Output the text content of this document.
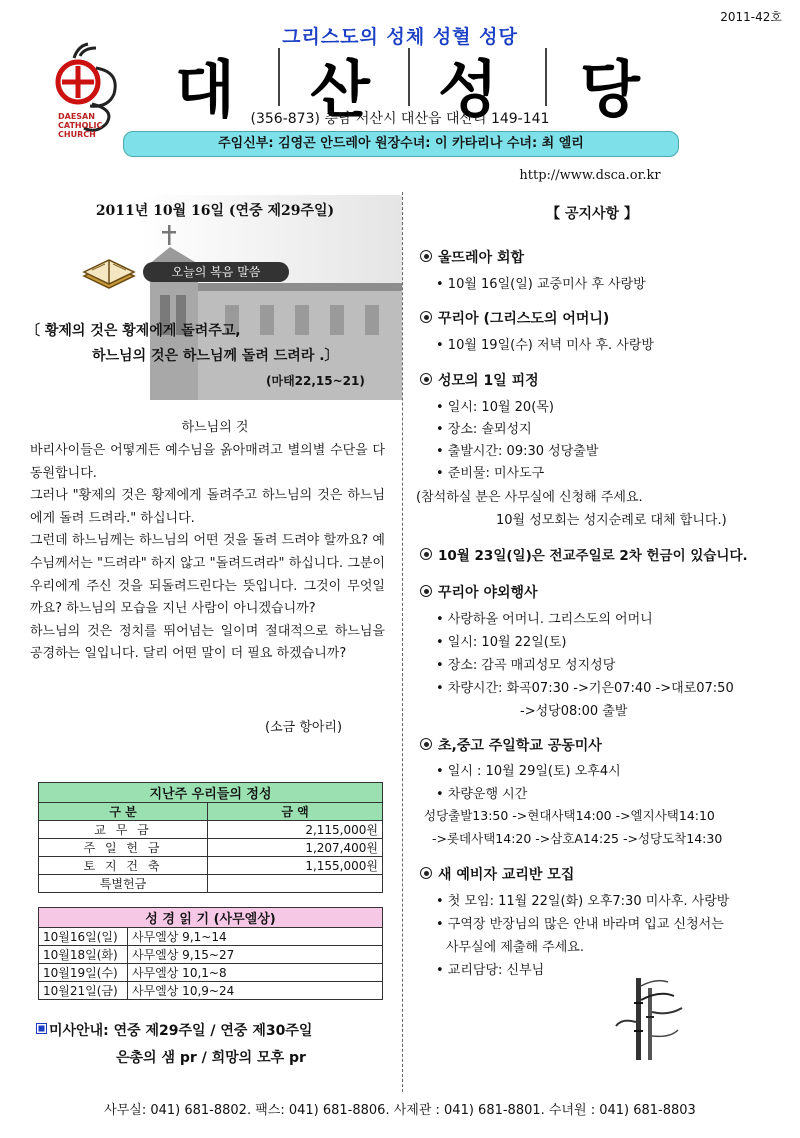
2011-42호
그리스도의 성체 성혈 성당
DAESAN
CATHOLIC
CHURCH
대 산 성 당
(356-873) 충남 서산시 대산읍 대산리 149-141
주임신부: 김영곤 안드레아 원장수녀: 이 카타리나 수녀: 최 엘리
http://www.dsca.or.kr
2011년 10월 16일 (연중 제29주일)
오늘의 복음 말씀
〔 황제의 것은 황제에게 돌려주고,
하느님의 것은 하느님께 돌려 드려라 .〕
(마태22,15~21)
하느님의 것

바리사이들은 어떻게든 예수님을 옭아매려고 별의별 수단을 다 동원합니다.

그러나 "황제의 것은 황제에게 돌려주고 하느님의 것은 하느님에게 돌려 드려라." 하십니다.

그런데 하느님께는 하느님의 어떤 것을 돌려 드려야 할까요? 예수님께서는 "드려라" 하지 않고 "돌려드려라" 하십니다. 그분이 우리에게 주신 것을 되돌려드린다는 뜻입니다. 그것이 무엇일까요? 하느님의 모습을 지닌 사람이 아니겠습니까?

하느님의 것은 정치를 뛰어넘는 일이며 절대적으로 하느님을 공경하는 일입니다. 달리 어떤 말이 더 필요 하겠습니까?

(소금 항아리)
지난주 우리들의 정성	
구 분	금 액
교 무 금	2,115,000원
주 일 헌 금	1,207,400원
토 지 건 축	1,155,000원
특별헌금	
성 경 읽 기 (사무엘상)	
10월16일(일)	사무엘상 9,1~14
10월18일(화)	사무엘상 9,15~27
10월19일(수)	사무엘상 10,1~8
10월21일(금)	사무엘상 10,9~24
미사안내: 연중 제29주일 / 연중 제30주일
은총의 샘 pr / 희망의 모후 pr
【 공지사항 】
울뜨레아 회합
• 10월 16일(일) 교중미사 후 사랑방
꾸리아 (그리스도의 어머니)
• 10월 19일(수) 저녁 미사 후. 사랑방
성모의 1일 피정
• 일시: 10월 20(목)
• 장소: 솔뫼성지
• 출발시간: 09:30 성당출발
• 준비물: 미사도구
(참석하실 분은 사무실에 신청해 주세요.
10월 성모회는 성지순례로 대체 합니다.)
10월 23일(일)은 전교주일로 2차 헌금이 있습니다.
꾸리아 야외행사
• 사랑하올 어머니. 그리스도의 어머니
• 일시: 10월 22일(토)
• 장소: 감곡 매괴성모 성지성당
• 차량시간: 화곡07:30 ->기은07:40 ->대로07:50
->성당08:00 출발
초,중고 주일학교 공동미사
• 일시 : 10월 29일(토) 오후4시
• 차량운행 시간
성당출발13:50 ->현대사택14:00 ->엘지사택14:10
->롯데사택14:20 ->삼호A14:25 ->성당도착14:30
새 예비자 교리반 모집
• 첫 모임: 11월 22일(화) 오후7:30 미사후. 사랑방
• 구역장 반장님의 많은 안내 바라며 입교 신청서는
사무실에 제출해 주세요.
• 교리담당: 신부님
사무실: 041) 681-8802. 팩스: 041) 681-8806. 사제관 : 041) 681-8801. 수녀원 : 041) 681-8803
